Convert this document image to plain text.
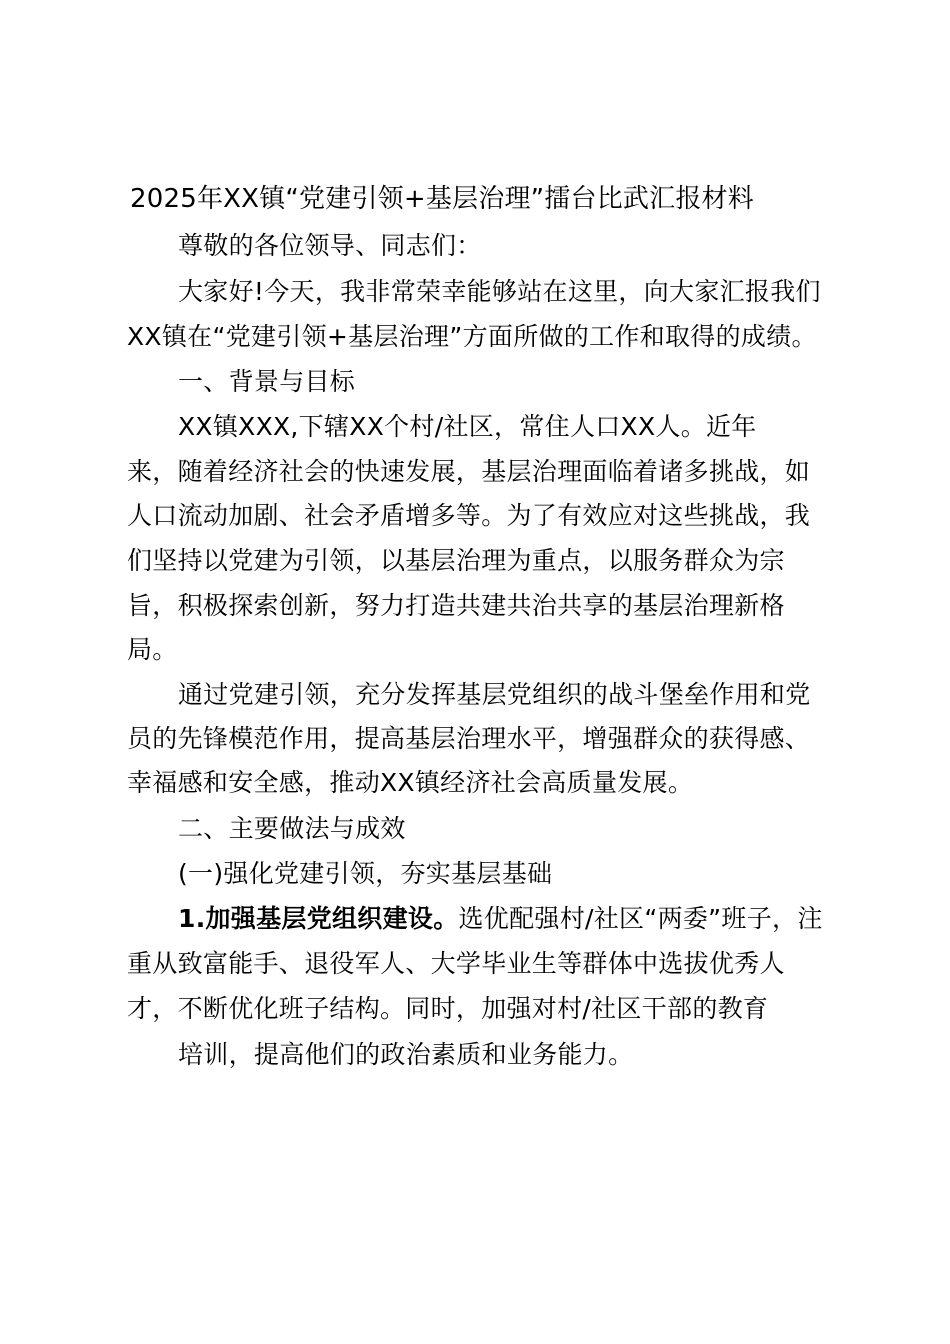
2025年XX镇“党建引领+基层治理”擂台比武汇报材料
尊敬的各位领导、同志们：
大家好!今天，我非常荣幸能够站在这里，向大家汇报我们
XX镇在“党建引领+基层治理”方面所做的工作和取得的成绩。
一、背景与目标
XX镇XXX,下辖XX个村/社区，常住人口XX人。近年
来，随着经济社会的快速发展，基层治理面临着诸多挑战，如
人口流动加剧、社会矛盾增多等。为了有效应对这些挑战，我
们坚持以党建为引领，以基层治理为重点，以服务群众为宗
旨，积极探索创新，努力打造共建共治共享的基层治理新格
局。
通过党建引领，充分发挥基层党组织的战斗堡垒作用和党
员的先锋模范作用，提高基层治理水平，增强群众的获得感、
幸福感和安全感，推动XX镇经济社会高质量发展。
二、主要做法与成效
(一)强化党建引领，夯实基层基础
1.加强基层党组织建设。选优配强村/社区“两委”班子，注
重从致富能手、退役军人、大学毕业生等群体中选拔优秀人
才，不断优化班子结构。同时，加强对村/社区干部的教育
培训，提高他们的政治素质和业务能力。
